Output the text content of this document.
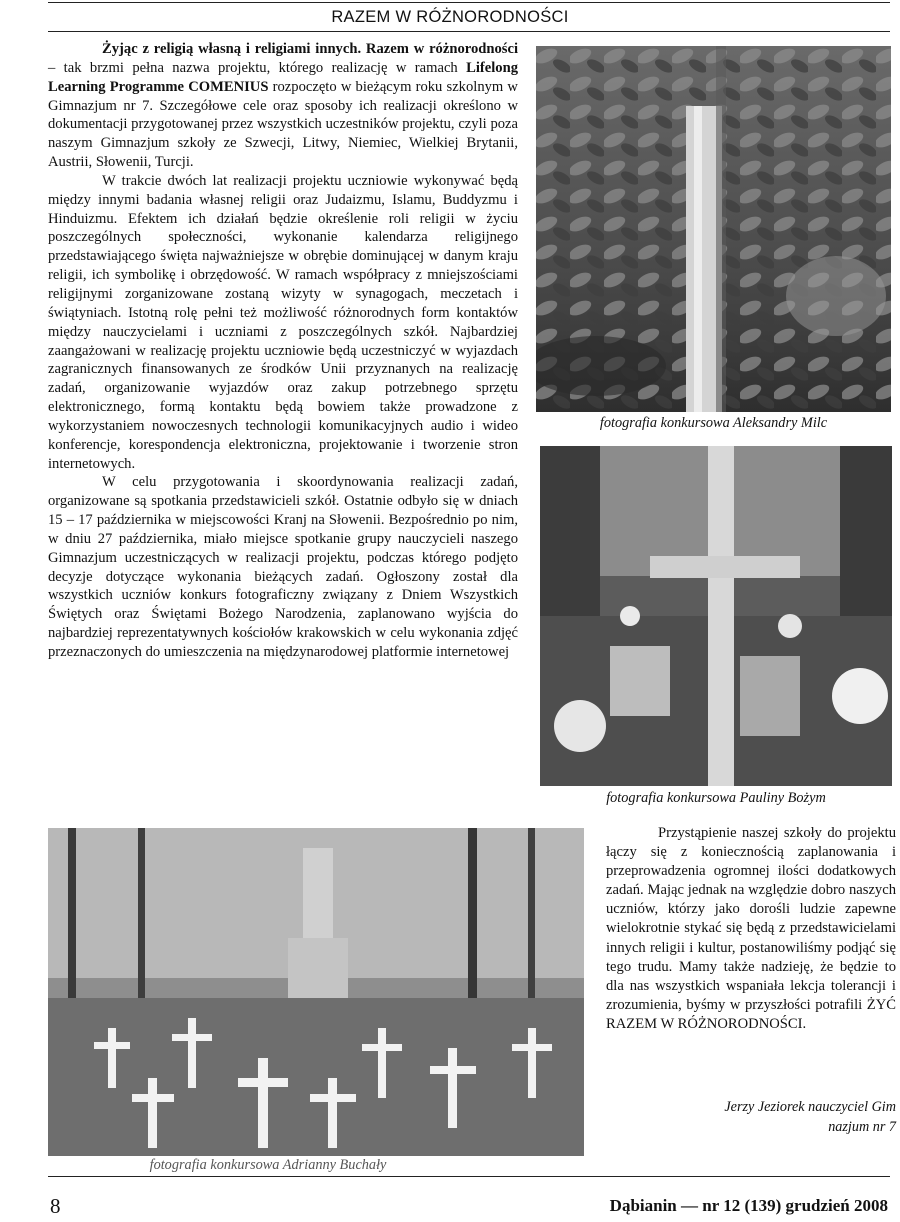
RAZEM W RÓŻNORODNOŚCI

Żyjąc z religią własną i religiami innych. Razem w różnorodności – tak brzmi pełna nazwa projektu, którego realizację w ramach Lifelong Learning Programme COMENIUS rozpoczęto w bieżącym roku szkolnym w Gimnazjum nr 7. Szczegółowe cele oraz sposoby ich realizacji określono w dokumentacji przygotowanej przez wszystkich uczestników projektu, czyli poza naszym Gimnazjum szkoły ze Szwecji, Litwy, Niemiec, Wielkiej Brytanii, Austrii, Słowenii, Turcji.

W trakcie dwóch lat realizacji projektu uczniowie wykonywać będą między innymi badania własnej religii oraz Judaizmu, Islamu, Buddyzmu i Hinduizmu. Efektem ich działań będzie określenie roli religii w życiu poszczególnych społeczności, wykonanie kalendarza religijnego przedstawiającego święta najważniejsze w obrębie dominującej w danym kraju religii, ich symbolikę i obrzędowość. W ramach współpracy z mniejszościami religijnymi zorganizowane zostaną wizyty w synagogach, meczetach i świątyniach. Istotną rolę pełni też możliwość różnorodnych form kontaktów między nauczycielami i uczniami z poszczególnych szkół. Najbardziej zaangażowani w realizację projektu uczniowie będą uczestniczyć w wyjazdach zagranicznych finansowanych ze środków Unii przyznanych na realizację zadań, organizowanie wyjazdów oraz zakup potrzebnego sprzętu elektronicznego, formą kontaktu będą bowiem także prowadzone z wykorzystaniem nowoczesnych technologii komunikacyjnych audio i wideo konferencje, korespondencja elektroniczna, projektowanie i tworzenie stron internetowych.

W celu przygotowania i skoordynowania realizacji zadań, organizowane są spotkania przedstawicieli szkół. Ostatnie odbyło się w dniach 15 – 17 października w miejscowości Kranj na Słowenii. Bezpośrednio po nim, w dniu 27 października, miało miejsce spotkanie grupy nauczycieli naszego Gimnazjum uczestniczących w realizacji projektu, podczas którego podjęto decyzje dotyczące wykonania bieżących zadań. Ogłoszony został dla wszystkich uczniów konkurs fotograficzny związany z Dniem Wszystkich Świętych oraz Świętami Bożego Narodzenia, zaplanowano wyjścia do najbardziej reprezentatywnych kościołów krakowskich w celu wykonania zdjęć przeznaczonych do umieszczenia na międzynarodowej platformie internetowej

fotografia konkursowa Aleksandry Milc
fotografia konkursowa Pauliny Bożym
fotografia konkursowa Adrianny Buchały

Przystąpienie naszej szkoły do projektu łączy się z koniecznością zaplanowania i przeprowadzenia ogromnej ilości dodatkowych zadań. Mając jednak na względzie dobro naszych uczniów, którzy jako dorośli ludzie zapewne wielokrotnie stykać się będą z przedstawicielami innych religii i kultur, postanowiliśmy podjąć się tego trudu. Mamy także nadzieję, że będzie to dla nas wszystkich wspaniała lekcja tolerancji i zrozumienia, byśmy w przyszłości potrafili ŻYĆ RAZEM W RÓŻNORODNOŚCI.

Jerzy Jeziorek nauczyciel Gim
nazjum nr 7
8	Dąbianin — nr 12 (139) grudzień 2008
